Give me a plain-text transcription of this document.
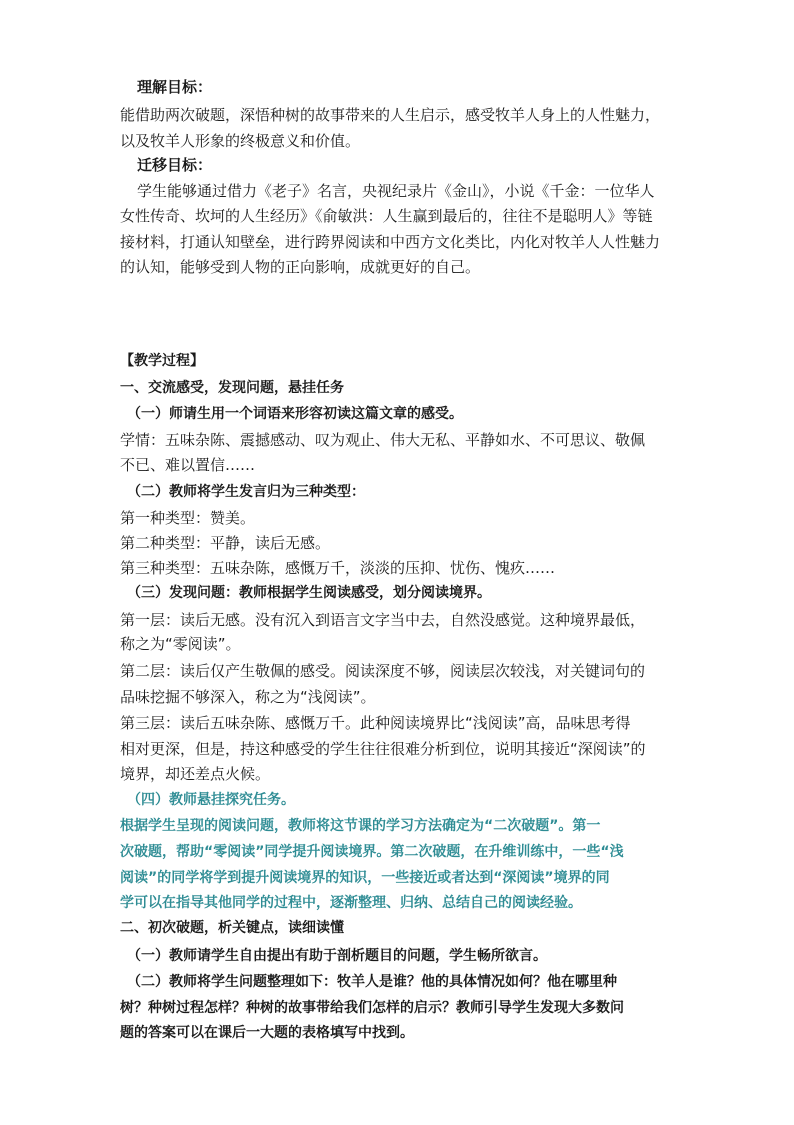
理解目标：
能借助两次破题，深悟种树的故事带来的人生启示，感受牧羊人身上的人性魅力，
以及牧羊人形象的终极意义和价值。
迁移目标：
学生能够通过借力《老子》名言，央视纪录片《金山》，小说《千金：一位华人
女性传奇、坎坷的人生经历》《俞敏洪：人生赢到最后的，往往不是聪明人》等链
接材料，打通认知壁垒，进行跨界阅读和中西方文化类比，内化对牧羊人人性魅力
的认知，能够受到人物的正向影响，成就更好的自己。
【教学过程】
一、交流感受，发现问题，悬挂任务
（一）师请生用一个词语来形容初读这篇文章的感受。
学情：五味杂陈、震撼感动、叹为观止、伟大无私、平静如水、不可思议、敬佩
不已、难以置信……
（二）教师将学生发言归为三种类型：
第一种类型：赞美。
第二种类型：平静，读后无感。
第三种类型：五味杂陈，感慨万千，淡淡的压抑、忧伤、愧疚……
（三）发现问题：教师根据学生阅读感受，划分阅读境界。
第一层：读后无感。没有沉入到语言文字当中去，自然没感觉。这种境界最低，
称之为“零阅读”。
第二层：读后仅产生敬佩的感受。阅读深度不够，阅读层次较浅，对关键词句的
品味挖掘不够深入，称之为“浅阅读”。
第三层：读后五味杂陈、感慨万千。此种阅读境界比“浅阅读”高，品味思考得
相对更深，但是，持这种感受的学生往往很难分析到位，说明其接近“深阅读”的
境界，却还差点火候。
（四）教师悬挂探究任务。
根据学生呈现的阅读问题，教师将这节课的学习方法确定为“二次破题”。第一
次破题，帮助“零阅读”同学提升阅读境界。第二次破题，在升维训练中，一些“浅
阅读”的同学将学到提升阅读境界的知识，一些接近或者达到“深阅读”境界的同
学可以在指导其他同学的过程中，逐渐整理、归纳、总结自己的阅读经验。
二、初次破题，析关键点，读细读懂
（一）教师请学生自由提出有助于剖析题目的问题，学生畅所欲言。
（二）教师将学生问题整理如下：牧羊人是谁？他的具体情况如何？他在哪里种
树？种树过程怎样？种树的故事带给我们怎样的启示？教师引导学生发现大多数问
题的答案可以在课后一大题的表格填写中找到。
